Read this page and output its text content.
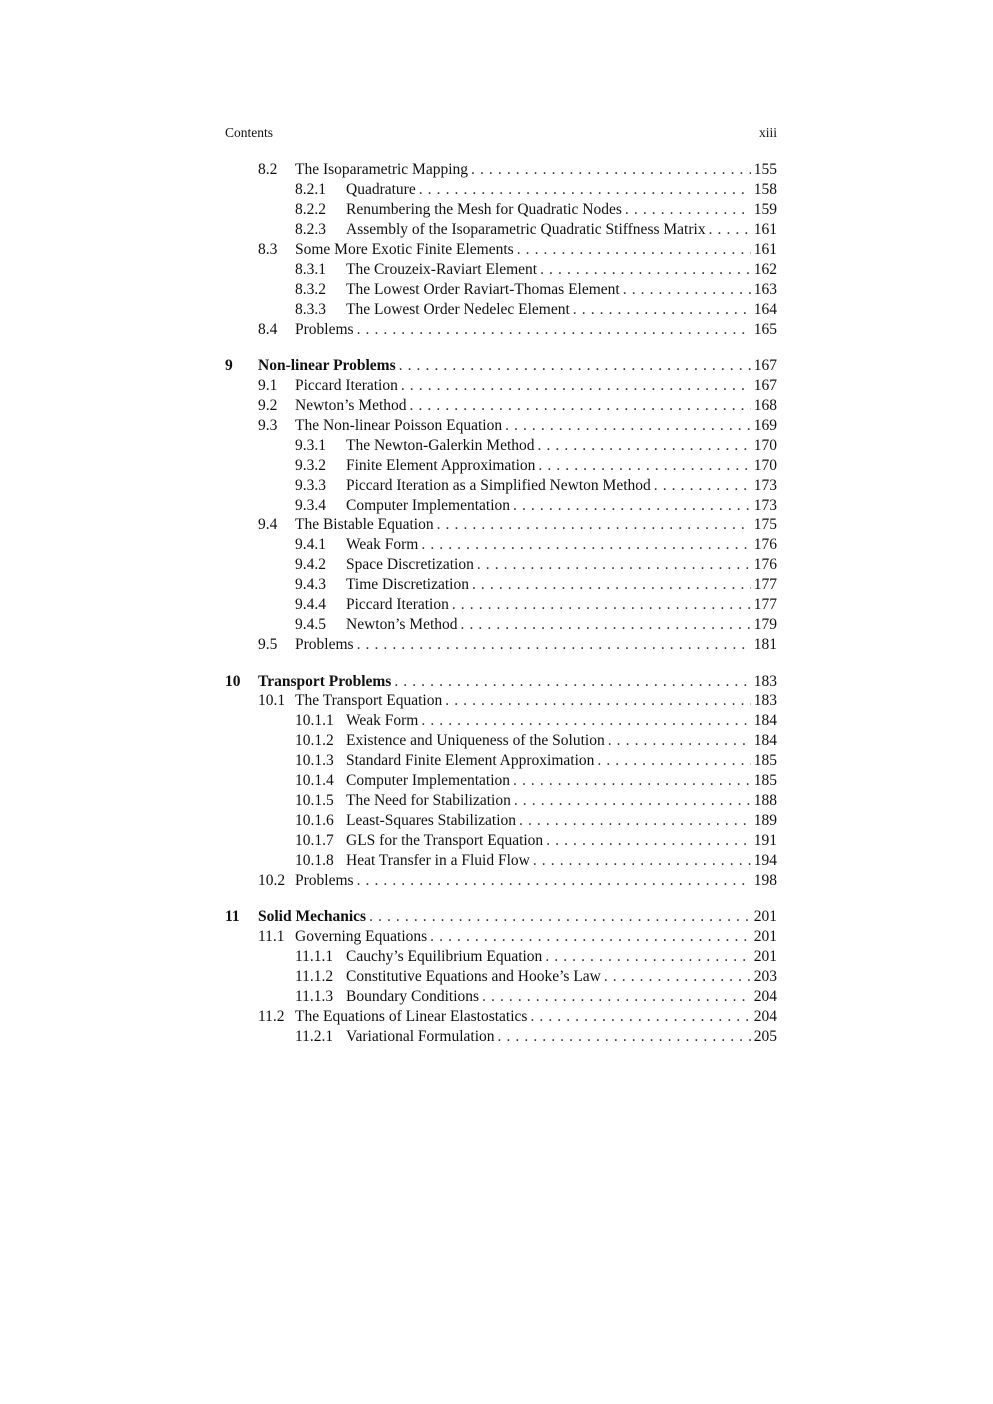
Contents	xiii
8.2	The Isoparametric Mapping . . .	155
8.2.1	Quadrature . . .	158
8.2.2	Renumbering the Mesh for Quadratic Nodes . . .	159
8.2.3	Assembly of the Isoparametric Quadratic Stiffness Matrix . . .	161
8.3	Some More Exotic Finite Elements . . .	161
8.3.1	The Crouzeix-Raviart Element . . .	162
8.3.2	The Lowest Order Raviart-Thomas Element . . .	163
8.3.3	The Lowest Order Nedelec Element . . .	164
8.4	Problems . . .	165
9	Non-linear Problems . . .	167
9.1	Piccard Iteration . . .	167
9.2	Newton’s Method . . .	168
9.3	The Non-linear Poisson Equation . . .	169
9.3.1	The Newton-Galerkin Method . . .	170
9.3.2	Finite Element Approximation . . .	170
9.3.3	Piccard Iteration as a Simplified Newton Method . . .	173
9.3.4	Computer Implementation . . .	173
9.4	The Bistable Equation . . .	175
9.4.1	Weak Form . . .	176
9.4.2	Space Discretization . . .	176
9.4.3	Time Discretization . . .	177
9.4.4	Piccard Iteration . . .	177
9.4.5	Newton’s Method . . .	179
9.5	Problems . . .	181
10	Transport Problems . . .	183
10.1 The Transport Equation . . .	183
10.1.1 Weak Form . . .	184
10.1.2 Existence and Uniqueness of the Solution . . .	184
10.1.3 Standard Finite Element Approximation . . .	185
10.1.4 Computer Implementation . . .	185
10.1.5 The Need for Stabilization . . .	188
10.1.6 Least-Squares Stabilization . . .	189
10.1.7 GLS for the Transport Equation . . .	191
10.1.8 Heat Transfer in a Fluid Flow . . .	194
10.2 Problems . . .	198
11	Solid Mechanics . . .	201
11.1 Governing Equations . . .	201
11.1.1 Cauchy’s Equilibrium Equation . . .	201
11.1.2 Constitutive Equations and Hooke’s Law . . .	203
11.1.3 Boundary Conditions . . .	204
11.2 The Equations of Linear Elastostatics . . .	204
11.2.1 Variational Formulation . . .	205
